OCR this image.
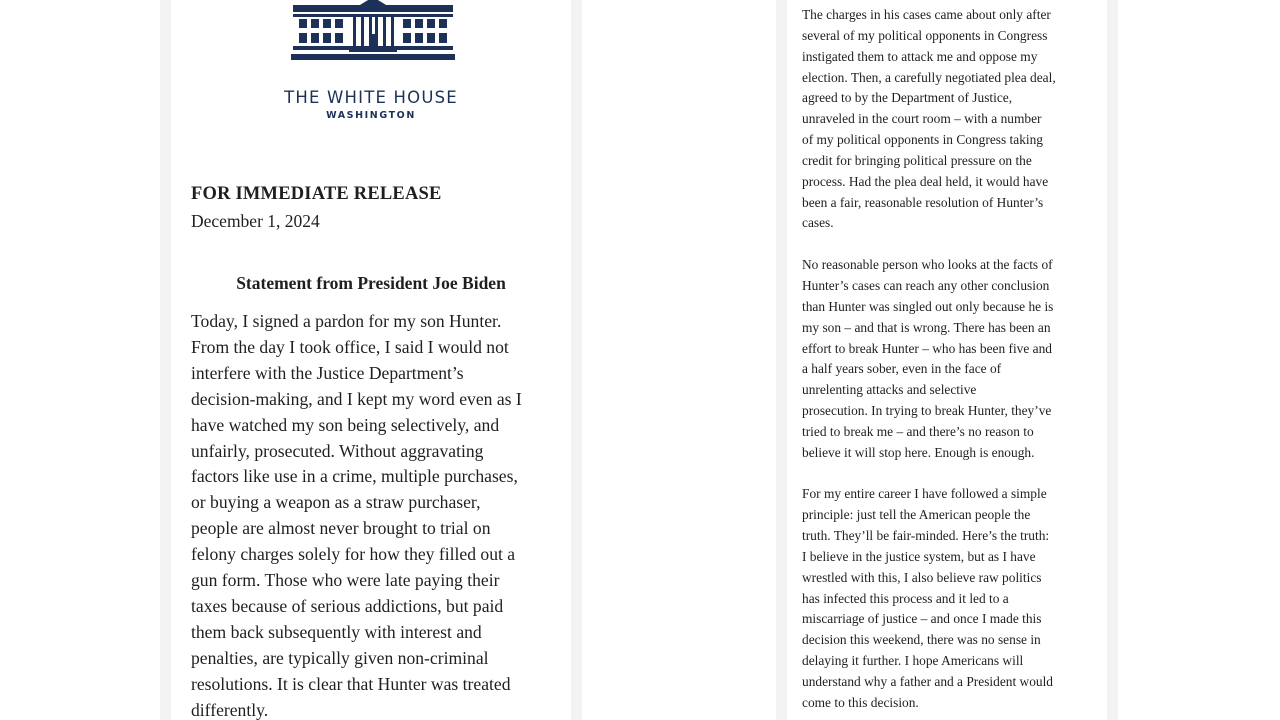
THE WHITE HOUSE
WASHINGTON
FOR IMMEDIATE RELEASE
December 1, 2024
Statement from President Joe Biden
Today, I signed a pardon for my son Hunter.
From the day I took office, I said I would not
interfere with the Justice Department’s
decision-making, and I kept my word even as I
have watched my son being selectively, and
unfairly, prosecuted. Without aggravating
factors like use in a crime, multiple purchases,
or buying a weapon as a straw purchaser,
people are almost never brought to trial on
felony charges solely for how they filled out a
gun form. Those who were late paying their
taxes because of serious addictions, but paid
them back subsequently with interest and
penalties, are typically given non-criminal
resolutions. It is clear that Hunter was treated
differently.
The charges in his cases came about only after
several of my political opponents in Congress
instigated them to attack me and oppose my
election. Then, a carefully negotiated plea deal,
agreed to by the Department of Justice,
unraveled in the court room – with a number
of my political opponents in Congress taking
credit for bringing political pressure on the
process. Had the plea deal held, it would have
been a fair, reasonable resolution of Hunter’s
cases.
No reasonable person who looks at the facts of
Hunter’s cases can reach any other conclusion
than Hunter was singled out only because he is
my son – and that is wrong. There has been an
effort to break Hunter – who has been five and
a half years sober, even in the face of
unrelenting attacks and selective
prosecution. In trying to break Hunter, they’ve
tried to break me – and there’s no reason to
believe it will stop here. Enough is enough.
For my entire career I have followed a simple
principle: just tell the American people the
truth. They’ll be fair-minded. Here’s the truth:
I believe in the justice system, but as I have
wrestled with this, I also believe raw politics
has infected this process and it led to a
miscarriage of justice – and once I made this
decision this weekend, there was no sense in
delaying it further. I hope Americans will
understand why a father and a President would
come to this decision.
